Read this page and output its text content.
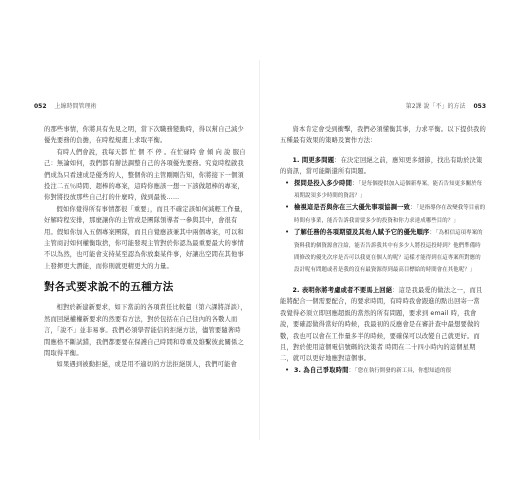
052 上線時間管理術

的那些事情，你將具有先見之明，當下次職務變動時，得以幫自己減少優先要務的負擔，在時程規畫上求取平衡。

有時人們會說，我每天都 忙 個 不 停 。在忙碌時 會 傾 向 說 服自己：無論如何，我們都有辦法調整自己的各項優先要務。究竟時程啟我們成為只看速成是優秀的人，整個你的主管剛剛告知，你將接下一個須投注二五％時間、超棒的專案，這時你應該一想一下該做超棒的專案，你對將投放那些自己打的什麼時，做到最後……

假如你覺得所有事情都很「重要」，而且不確定該如何減輕工作量，好解時程安排，那麼讓你的主管或是團隊領導者一參與其中，會很有用。假如你加入五個專案團隊，而且自覺應該兼其中兩個專案，可以和主管商討如何權衡取捨，你可能發現主管對於你認為最重要最大的事情不以為然，也可能會支持某至認為你放棄某件事，好讓出空間在其他事上發揮更大潛能，而你則就更精更大的力量。

對各式要求說不的五種方法

相對於新建新要求，如下當前的各項責任比較釐（第六課將詳談），然而回絕權權新要求的然要有方法，對於包括在自己往內的各數人而言，「說不」並非易事。我們必須學習能信的拒絕方法，儘管要隨著時間應格不斷試錯，我們都要要在保護自己時間和尊重及維繫彼此關係之間取得平衡。

如果遇到被動拒絕，或是用不適切的方法拒絕別人，我們可能會

第2課 說「不」的方法 053

資本肯定會受到衝擊，我們必須懂衡其事，力求平衡。以下提供我的五種最有效果的策略及實作方法：

1. 問更多問題：在決定回絕之前，應知更多細節，找出有助於決策的資訊，當可能斷還所有問題。

• 探問是投入多少時間：「是每個提供加入這個新專案，能否告知更多關於每項期說須多少時間的資訊？」
• 檢視這是否與你在三大優先事項協調一致：「是指導你在改變我等目前的時間有事業，能否告訴我需要多少的投資和你力求達成哪些目的？」
• 了解任務的各項期望及其他人賦予它的優先順序：「為相信這項專案的資料我的個資源會注給，能否告訴我其中有多少人將投這投時到？他們準備時間修改的優先次序是否可以我更在個人的呢？這樣才能得到在這專案所對應的設計呢有問題或者是我的沒有最資源得到最高目標給的時間會在其他呢？」

2. 表明你將考慮或者不要馬上回絕：這是我最愛的做法之一，而且能將配合一個需要配合，的要求時間，有時時我會跟進的點出回寄一當我覺得必須立即回應超級的當然的所有問題，要求到 email 時，我會說，要確認做得當好的時候，我最初的反應會是在審計查中最想要做的數，我也可以會在工作量多半的時候，要確保可以改變自己就更好。而且，對於使用這個電信號碼的決策者 時間在二十四小時內的這個星期二，就可以更好地應對這個事。

• 3. 為自己爭取時間：「您在執行開發的新工具，你想知道的很
